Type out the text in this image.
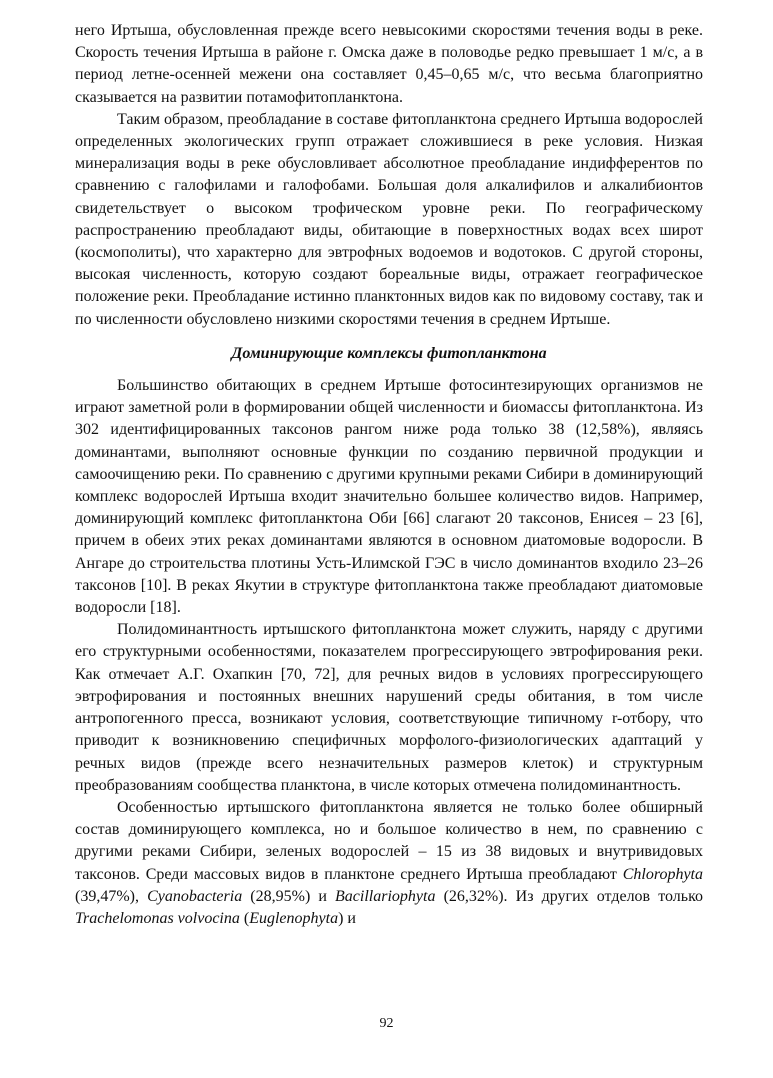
него Иртыша, обусловленная прежде всего невысокими скоростями течения воды в реке. Скорость течения Иртыша в районе г. Омска даже в половодье редко превышает 1 м/с, а в период летне-осенней межени она составляет 0,45–0,65 м/с, что весьма благоприятно сказывается на развитии потамофитопланктона.

Таким образом, преобладание в составе фитопланктона среднего Иртыша водорослей определенных экологических групп отражает сложившиеся в реке условия. Низкая минерализация воды в реке обусловливает абсолютное преобладание индифферентов по сравнению с галофилами и галофобами. Большая доля алкалифилов и алкалибионтов свидетельствует о высоком трофическом уровне реки. По географическому распространению преобладают виды, обитающие в поверхностных водах всех широт (космополиты), что характерно для эвтрофных водоемов и водотоков. С другой стороны, высокая численность, которую создают бореальные виды, отражает географическое положение реки. Преобладание истинно планктонных видов как по видовому составу, так и по численности обусловлено низкими скоростями течения в среднем Иртыше.

Доминирующие комплексы фитопланктона

Большинство обитающих в среднем Иртыше фотосинтезирующих организмов не играют заметной роли в формировании общей численности и биомассы фитопланктона. Из 302 идентифицированных таксонов рангом ниже рода только 38 (12,58%), являясь доминантами, выполняют основные функции по созданию первичной продукции и самоочищению реки. По сравнению с другими крупными реками Сибири в доминирующий комплекс водорослей Иртыша входит значительно большее количество видов. Например, доминирующий комплекс фитопланктона Оби [66] слагают 20 таксонов, Енисея – 23 [6], причем в обеих этих реках доминантами являются в основном диатомовые водоросли. В Ангаре до строительства плотины Усть-Илимской ГЭС в число доминантов входило 23–26 таксонов [10]. В реках Якутии в структуре фитопланктона также преобладают диатомовые водоросли [18].

Полидоминантность иртышского фитопланктона может служить, наряду с другими его структурными особенностями, показателем прогрессирующего эвтрофирования реки. Как отмечает А.Г. Охапкин [70, 72], для речных видов в условиях прогрессирующего эвтрофирования и постоянных внешних нарушений среды обитания, в том числе антропогенного пресса, возникают условия, соответствующие типичному r-отбору, что приводит к возникновению специфичных морфолого-физиологических адаптаций у речных видов (прежде всего незначительных размеров клеток) и структурным преобразованиям сообщества планктона, в числе которых отмечена полидоминантность.

Особенностью иртышского фитопланктона является не только более обширный состав доминирующего комплекса, но и большое количество в нем, по сравнению с другими реками Сибири, зеленых водорослей – 15 из 38 видовых и внутривидовых таксонов. Среди массовых видов в планктоне среднего Иртыша преобладают Chlorophyta (39,47%), Cyanobacteria (28,95%) и Bacillariophyta (26,32%). Из других отделов только Trachelomonas volvocina (Euglenophyta) и

92
